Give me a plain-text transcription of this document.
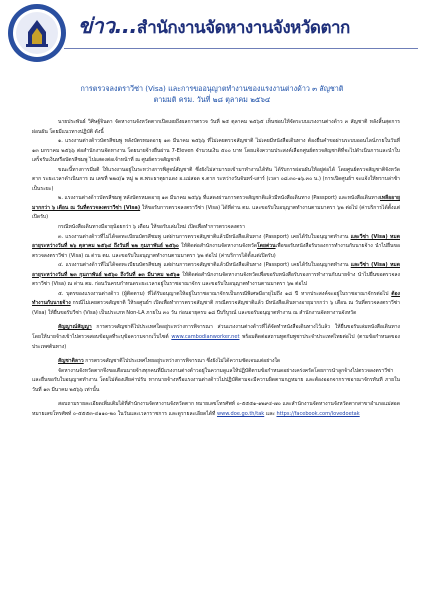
ข่าว...สำนักงานจัดหางานจังหวัดตาก
การตรวจลงตราวีซ่า (Visa) และการขออนุญาตทำงานของแรงงานต่างด้าว ๓ สัญชาติ
ตามมติ ครม. วันที่ ๒๘ ตุลาคม ๒๕๖๔

นายประพันธ์ วิศิษฐ์จินดา จัดหางานจังหวัดตากเปิดเผยถึงผลการตรวจ วันที่ ๒๕ ตุลาคม ๒๕๖๕ เห็นชอบให้จัดระบบแรงงานต่างด้าว ๓ สัญชาติ หลังสิ้นสุดการผ่อนผัน โดยมีแนวทางปฏิบัติ ดังนี้

๑. แรงงานต่างด้าวบัตรสีชมพู หลังบัตรหมดอายุ ๑๓ มีนาคม ๒๕๖๖ ที่ไม่เคยตรวจสัญชาติ ไม่เคยมีหนังสือเดินทาง ต้องยื่นคำขอผ่านระบบออนไลน์ภายในวันที่ ๑๓ มกราคม ๒๕๖๖ ต่อสำนักงานจัดหางาน โดยนายจ้างยื่นผ่าน 7-Eleven จำนวนเงิน ๕๐๐ บาท โดยแจ้งความประสงค์เลือกศูนย์ตรวจสัญชาติที่จะไปดำเนินการและนำใบเสร็จรับเงินหรือบัตรสีชมพู ไปแสดงต่อเจ้าหน้าที่ ณ ศูนย์ตรวจสัญชาติ

ขณะนี้ทางการมีมติ ให้แรงงานอยู่ในระหว่างการพิสูจน์สัญชาติ ซึ่งยังไม่สามารถเข้ามาทำงานได้ทัน ได้รับการผ่อนผันให้อยู่ต่อได้ โดยศูนย์ตรวจสัญชาติจังหวัดตาก ระยะเวลาดำเนินการ ณ เลขที่ ๒๒๔/๑ หมู่ ๒ ต.พระธาตุผาแดง อ.แม่สอด จ.ตาก ระหว่างวันจันทร์-เสาร์ (เวลา ๐๘.๓๐-๑๖.๓๐ น.) (การเปิดศูนย์ฯ จะแจ้งให้ทราบล่าช้าเป็นระยะ)

๒. แรงงานต่างด้าวบัตรสีชมพู หลังบัตรหมดอายุ ๑๓ มีนาคม ๒๕๖๖ ที่แสดงผ่านการตรวจสัญชาติแล้วมีหนังสือเดินทาง (Passport) และหนังสือเดินทางเหลืออายุมากกว่า ๖ เดือน ณ วันที่ตรวจลงตราวีซ่า (Visa) ให้ขอรับการตรวจลงตราวีซ่า (Visa) ได้ที่ด่าน ตม. และขอรับใบอนุญาตทำงานตามมาตรา ๖๒ ต่อไป (ค่าบริการได้ตั้งแต่เปิดรับ)

กรณีหนังสือเดินทางมีอายุน้อยกว่า ๖ เดือน ให้ขอรับเล่มใหม่ เปิดเพื่อทำการตรวจลงตรา

๓. แรงงานต่างด้าวที่ไม่ได้จดทะเบียนบัตรสีชมพู แต่ผ่านการตรวจสัญชาติแล้วมีหนังสือเดินทาง (Passport) เคยได้รับใบอนุญาตทำงาน และวีซ่า (Visa) หมดอายุระหว่างวันที่ ๒๖ ตุลาคม ๒๕๖๔ ถึงวันที่ ๒๒ กุมภาพันธ์ ๒๕๖๐ ให้ติดต่อสำนักงานจัดหางานจังหวัดโดยด่วนเพื่อขอรับหนังสือรับรองการทำงานกับนายจ้าง นำไปยื่นขอตรวจลงตราวีซ่า (Visa) ณ ด่าน ตม. และขอรับใบอนุญาตทำงานตามมาตรา ๖๒ ต่อไป (ค่าบริการได้ตั้งแต่เปิดรับ)

๔. แรงงานต่างด้าวที่ไม่ได้จดทะเบียนบัตรสีชมพู แต่ผ่านการตรวจสัญชาติแล้วมีหนังสือเดินทาง (Passport) เคยได้รับใบอนุญาตทำงาน และวีซ่า (Visa) หมดอายุระหว่างวันที่ ๒๓ กุมภาพันธ์ ๒๕๖๐ ถึงวันที่ ๑๓ มีนาคม ๒๕๖๑ ให้ติดต่อสำนักงานจัดหางานจังหวัดเพื่อขอรับหนังสือรับรองการทำงานกับนายจ้าง นำไปยื่นขอตรวจลงตราวีซ่า (Visa) ณ ด่าน ตม. ก่อนวันครบกำหนดระยะเวลาอยู่ในราชอาณาจักร และขอรับใบอนุญาตทำงานตามมาตรา ๖๒ ต่อไป

๕. บุตรของแรงงานต่างด้าว (ผู้ติดตาม) ที่ได้รับอนุญาตให้อยู่ในราชอาณาจักรเป็นกรณีพิเศษมีอายุไม่ถึง ๑๘ ปี หากประสงค์จะอยู่ในราชอาณาจักรต่อไป ต้องทำงานกับนายจ้าง กรณีไม่เคยตรวจสัญชาติ ให้รอศูนย์ฯ เปิดเพื่อทำการตรวจสัญชาติ กรณีตรวจสัญชาติแล้ว มีหนังสือเดินทางอายุมากกว่า ๖ เดือน ณ วันที่ตรวจลงตราวีซ่า (Visa) ให้ยื่นขอรับวีซ่า (Visa) เป็นประเภท Non-LA ภายใน ๓๐ วัน ก่อนอายุครบ ๑๘ ปีบริบูรณ์ และขอรับอนุญาตทำงาน ณ สำนักงานจัดหางานจังหวัด

สัญญาณ์สัญญา การตรวจสัญชาติไปประเทศใดอยู่ระหว่างการพิจารณา ส่วนแรงงานต่างด้าวที่ได้จัดทำหนังสือเดินทางไว้แล้ว ให้ยื่นขอรับเล่มหนังสือเดินทาง โดยให้นายจ้างเข้าไปตรวจสอบข้อมูลที่ระบุข้อความจากเว็บไซต์ www.cambodianworker.net พร้อมติดต่อสถานทูตกัมพูชาประจำประเทศไทยต่อไป (ตามข้อกำหนดของประเทศต้นทาง)

สัญชาติลาว การตรวจสัญชาติไปประเทศไทยอยู่ระหว่างการพิจารณา ซึ่งยังไม่ได้ความชัดเจนแต่อย่างใด

จัดหางานจังหวัดตากจึงขอเตือนนายจ้างทุกคนที่มีแรงงานต่างด้าวอยู่ในความดูแลให้ปฏิบัติตามข้อกำหนดอย่างเคร่งครัดโดยการนำลูกจ้างไปตรวจลงตราวีซ่าและยื่นขอรับใบอนุญาตทำงาน โดยไม่ต้องเสียค่าปรับ หากนายจ้างหรือแรงงานต่างด้าวไม่ปฏิบัติตามจะมีความผิดตามกฎหมาย และต้องออกจากราชอาณาจักรทันที ภายในวันที่ ๑๓ มีนาคม ๒๕๖๖ เท่านั้น

สอบถามรายละเอียดเพิ่มเติมได้ที่สำนักงานจัดหางานจังหวัดตาก หมายเลขโทรศัพท์ ๐-๕๕๕๑-๑๒๙๔-๗๐ และสำนักงานจัดหางานจังหวัดตากสาขาอำเภอแม่สอด หมายเลขโทรศัพท์ ๐-๕๕๕๓-๔๑๑๐-๒๐ ในวันและเวลาราชการ และดูรายละเอียดได้ที่ www.doe.go.th/tak และ https://facebook.com/lovedoetak
